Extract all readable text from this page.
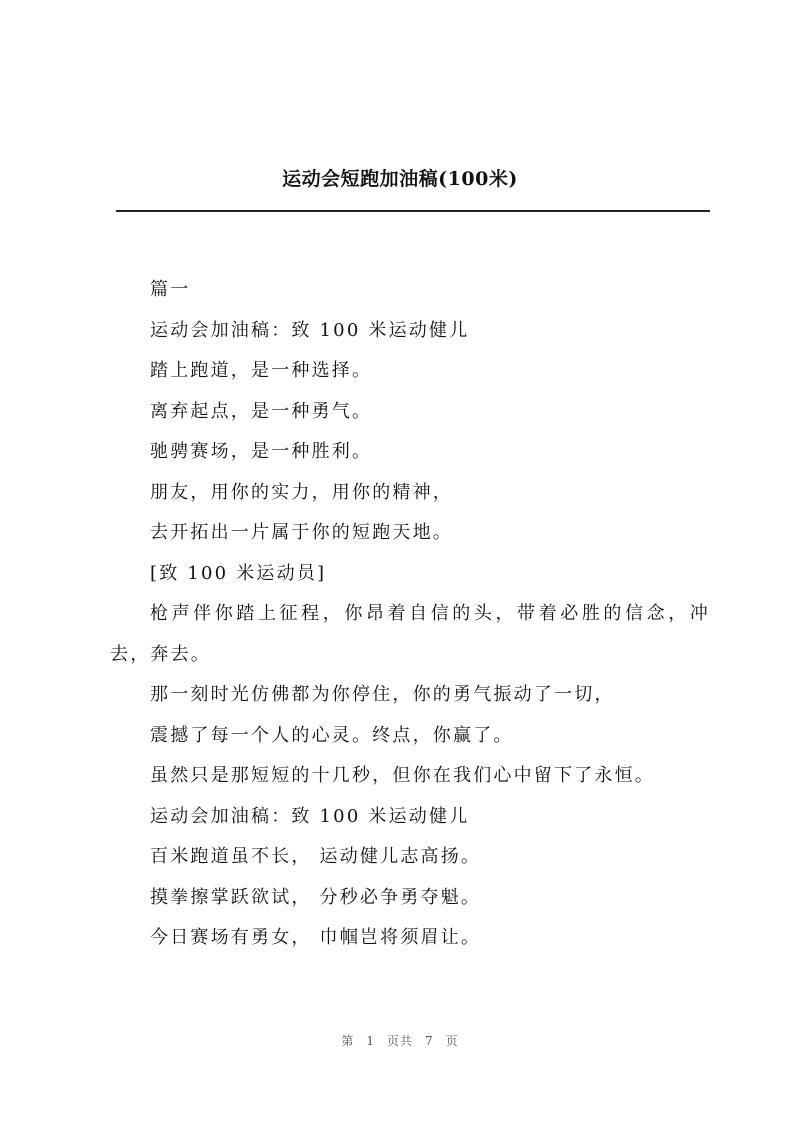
运动会短跑加油稿(100米)

篇一

运动会加油稿：致 100 米运动健儿

踏上跑道，是一种选择。

离弃起点，是一种勇气。

驰骋赛场，是一种胜利。

朋友，用你的实力，用你的精神，

去开拓出一片属于你的短跑天地。

[致 100 米运动员]

枪声伴你踏上征程，你昂着自信的头，带着必胜的信念，冲去，奔去。

那一刻时光仿佛都为你停住，你的勇气振动了一切，

震撼了每一个人的心灵。终点，你赢了。

虽然只是那短短的十几秒，但你在我们心中留下了永恒。

运动会加油稿：致 100 米运动健儿

百米跑道虽不长， 运动健儿志高扬。

摸拳擦掌跃欲试， 分秒必争勇夺魁。

今日赛场有勇女， 巾帼岂将须眉让。

第 1 页共 7 页
